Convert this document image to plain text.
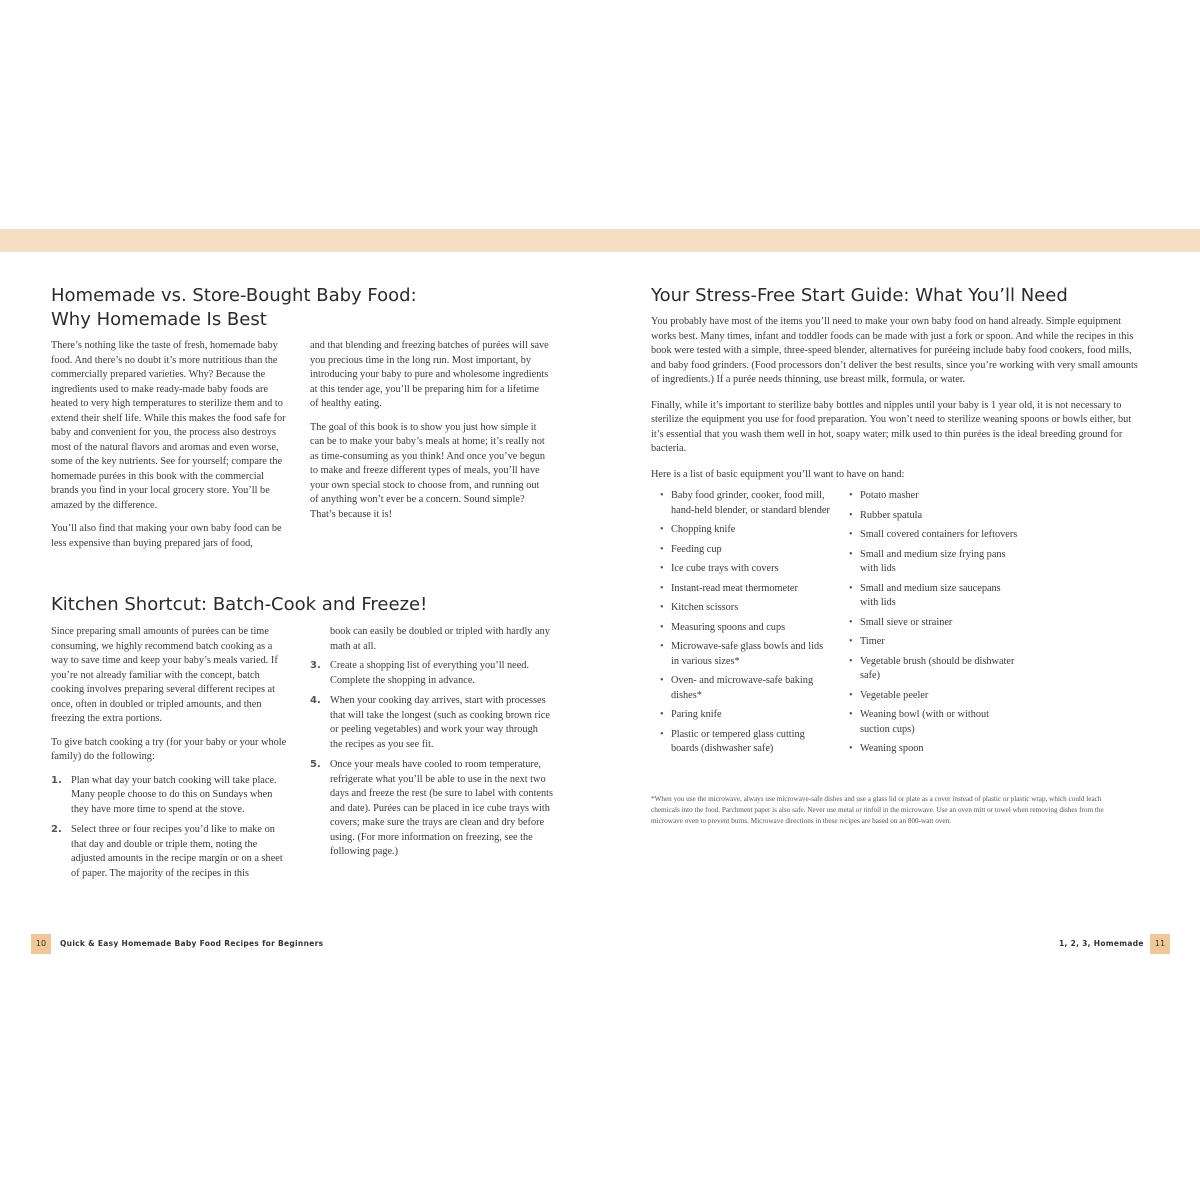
Homemade vs. Store-Bought Baby Food:
Why Homemade Is Best

There’s nothing like the taste of fresh, homemade baby food. And there’s no doubt it’s more nutritious than the commercially prepared varieties. Why? Because the ingredients used to make ready-made baby foods are heated to very high temperatures to sterilize them and to extend their shelf life. While this makes the food safe for baby and convenient for you, the process also destroys most of the natural flavors and aromas and even worse, some of the key nutrients. See for yourself; compare the homemade purées in this book with the commercial brands you find in your local grocery store. You’ll be amazed by the difference.

You’ll also find that making your own baby food can be less expensive than buying prepared jars of food,

and that blending and freezing batches of purées will save you precious time in the long run. Most important, by introducing your baby to pure and wholesome ingredients at this tender age, you’ll be preparing him for a lifetime of healthy eating.

The goal of this book is to show you just how simple it can be to make your baby’s meals at home; it’s really not as time-consuming as you think! And once you’ve begun to make and freeze different types of meals, you’ll have your own special stock to choose from, and running out of anything won’t ever be a concern. Sound simple? That’s because it is!

Kitchen Shortcut: Batch-Cook and Freeze!

Since preparing small amounts of purées can be time consuming, we highly recommend batch cooking as a way to save time and keep your baby’s meals varied. If you’re not already familiar with the concept, batch cooking involves preparing several different recipes at once, often in doubled or tripled amounts, and then freezing the extra portions.

To give batch cooking a try (for your baby or your whole family) do the following:

1. Plan what day your batch cooking will take place. Many people choose to do this on Sundays when they have more time to spend at the stove.
2. Select three or four recipes you’d like to make on that day and double or triple them, noting the adjusted amounts in the recipe margin or on a sheet of paper. The majority of the recipes in this

book can easily be doubled or tripled with hardly any math at all.

3. Create a shopping list of everything you’ll need. Complete the shopping in advance.
4. When your cooking day arrives, start with processes that will take the longest (such as cooking brown rice or peeling vegetables) and work your way through the recipes as you see fit.
5. Once your meals have cooled to room temperature, refrigerate what you’ll be able to use in the next two days and freeze the rest (be sure to label with contents and date). Purées can be placed in ice cube trays with covers; make sure the trays are clean and dry before using. (For more information on freezing, see the following page.)
10	Quick & Easy Homemade Baby Food Recipes for Beginners
Your Stress-Free Start Guide: What You’ll Need

You probably have most of the items you’ll need to make your own baby food on hand already. Simple equipment works best. Many times, infant and toddler foods can be made with just a fork or spoon. And while the recipes in this book were tested with a simple, three-speed blender, alternatives for puréeing include baby food cookers, food mills, and baby food grinders. (Food processors don’t deliver the best results, since you’re working with very small amounts of ingredients.) If a purée needs thinning, use breast milk, formula, or water.

Finally, while it’s important to sterilize baby bottles and nipples until your baby is 1 year old, it is not necessary to sterilize the equipment you use for food preparation. You won’t need to sterilize weaning spoons or bowls either, but it’s essential that you wash them well in hot, soapy water; milk used to thin purées is the ideal breeding ground for bacteria.

Here is a list of basic equipment you’ll want to have on hand:

• Baby food grinder, cooker, food mill, hand-held blender, or standard blender
• Chopping knife
• Feeding cup
• Ice cube trays with covers
• Instant-read meat thermometer
• Kitchen scissors
• Measuring spoons and cups
• Microwave-safe glass bowls and lids in various sizes*
• Oven- and microwave-safe baking dishes*
• Paring knife
• Plastic or tempered glass cutting boards (dishwasher safe)
• Potato masher
• Rubber spatula
• Small covered containers for leftovers
• Small and medium size frying pans with lids
• Small and medium size saucepans with lids
• Small sieve or strainer
• Timer
• Vegetable brush (should be dishwater safe)
• Vegetable peeler
• Weaning bowl (with or without suction cups)
• Weaning spoon

*When you use the microwave, always use microwave-safe dishes and use a glass lid or plate as a cover instead of plastic or plastic wrap, which could leach chemicals into the food. Parchment paper is also safe. Never use metal or tinfoil in the microwave. Use an oven mitt or towel when removing dishes from the microwave oven to prevent burns. Microwave directions in these recipes are based on an 800-watt oven.

1, 2, 3, Homemade	11
